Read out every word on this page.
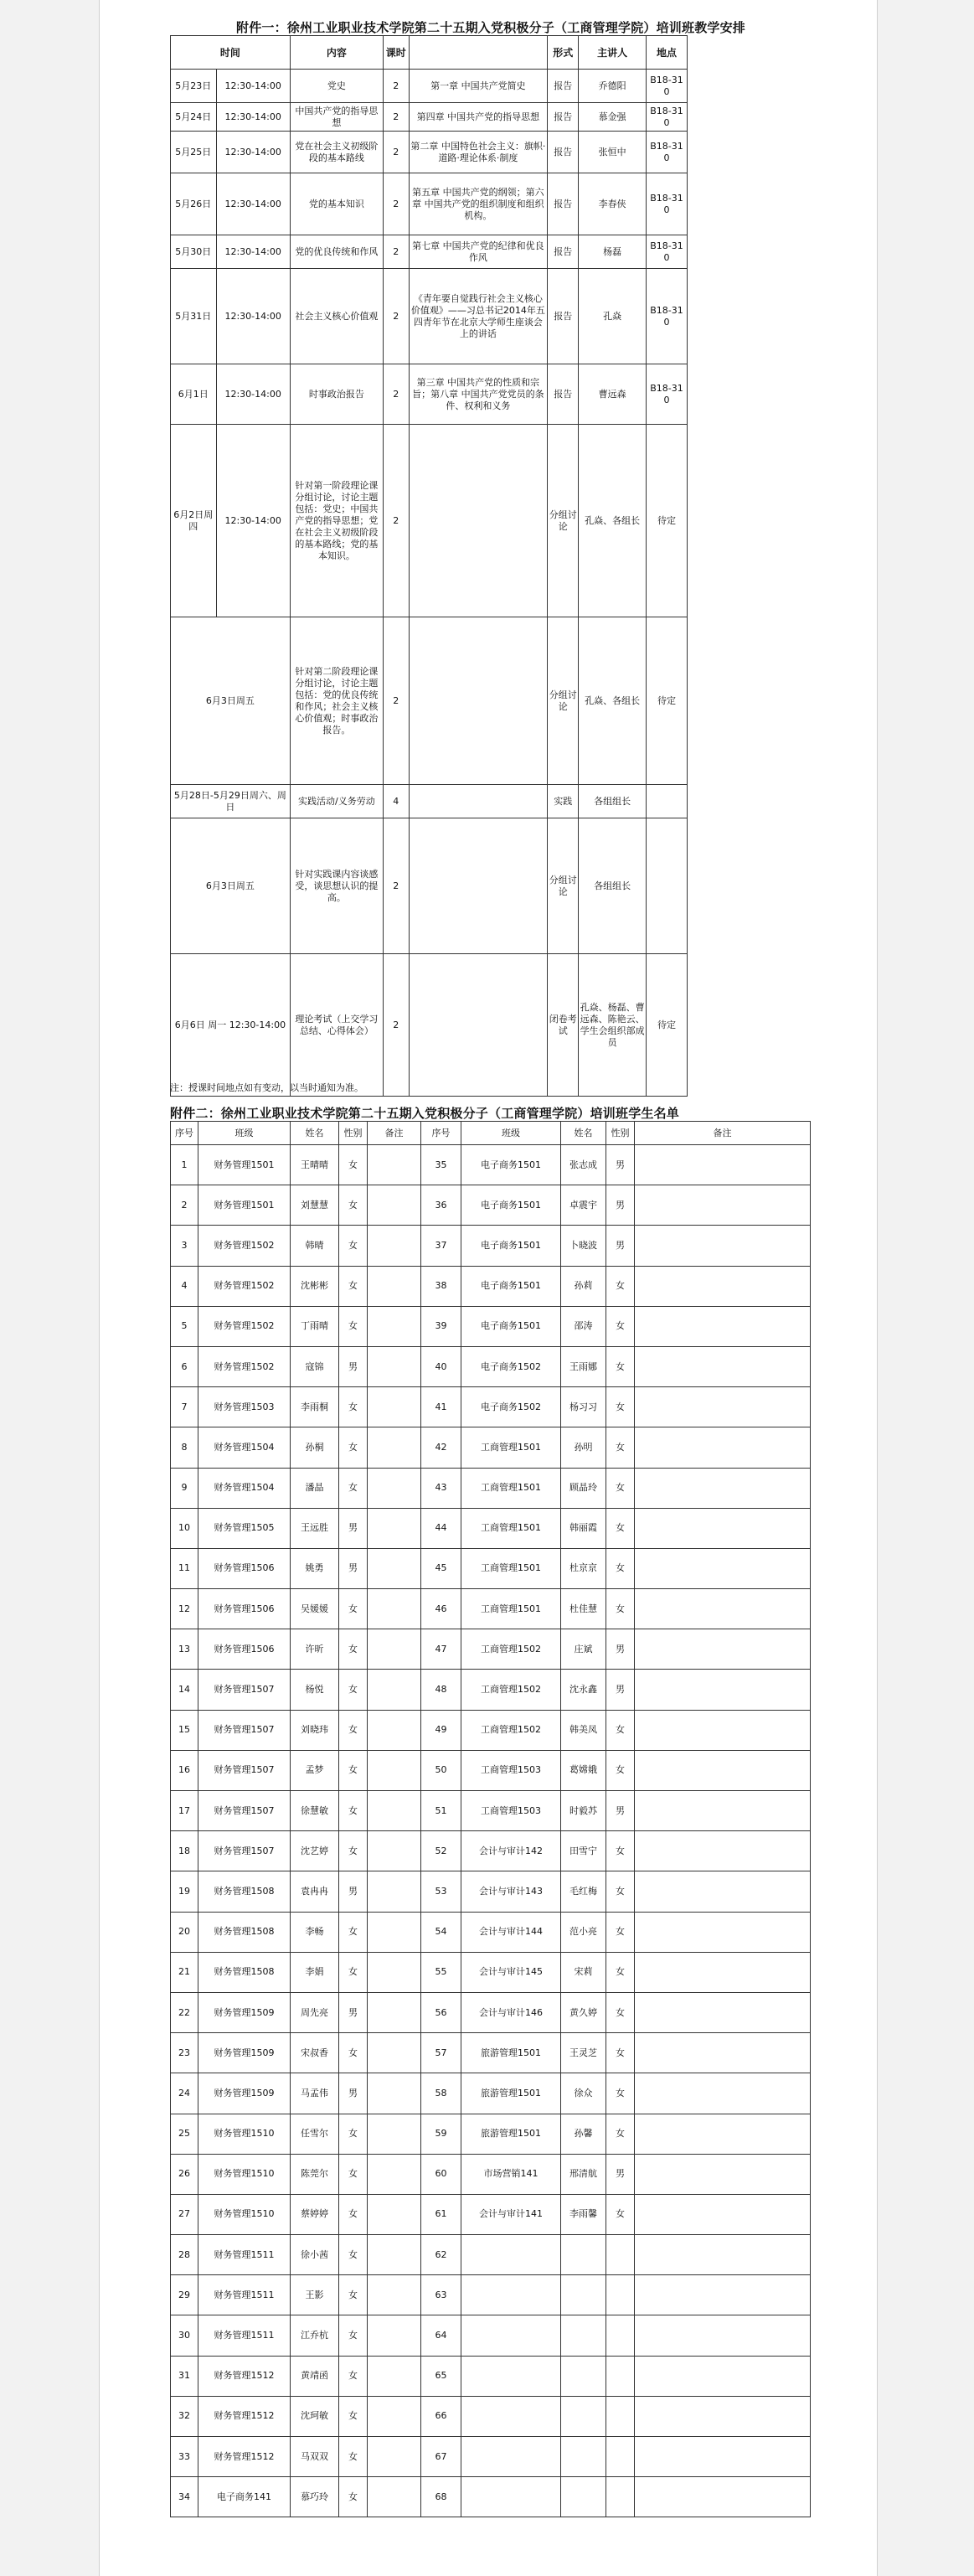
附件一：徐州工业职业技术学院第二十五期入党积极分子（工商管理学院）培训班教学安排
时间		内容	课时		形式	主讲人	地点
5月23日	12:30-14:00	党史	2	第一章 中国共产党简史	报告	乔德阳	B18-310
5月24日	12:30-14:00	中国共产党的指导思想	2	第四章 中国共产党的指导思想	报告	慕金强	B18-310
5月25日	12:30-14:00	党在社会主义初级阶段的基本路线	2	第二章 中国特色社会主义：旗帜·道路·理论体系·制度	报告	张恒中	B18-310
5月26日	12:30-14:00	党的基本知识	2	第五章 中国共产党的纲领；第六章 中国共产党的组织制度和组织机构。	报告	李春侠	B18-310
5月30日	12:30-14:00	党的优良传统和作风	2	第七章 中国共产党的纪律和优良作风	报告	杨磊	B18-310
5月31日	12:30-14:00	社会主义核心价值观	2	《青年要自觉践行社会主义核心价值观》——习总书记2014年五四青年节在北京大学师生座谈会上的讲话	报告	孔焱	B18-310
6月1日	12:30-14:00	时事政治报告	2	第三章 中国共产党的性质和宗旨；第八章 中国共产党党员的条件、权利和义务	报告	曹远森	B18-310
6月2日周四	12:30-14:00	针对第一阶段理论课分组讨论，讨论主题包括：党史；中国共产党的指导思想；党在社会主义初级阶段的基本路线；党的基本知识。	2		分组讨论	孔焱、各组长	待定
6月3日周五		针对第二阶段理论课分组讨论，讨论主题包括：党的优良传统和作风；社会主义核心价值观；时事政治报告。	2		分组讨论	孔焱、各组长	待定
5月28日-5月29日周六、周日		实践活动/义务劳动	4		实践	各组组长	
6月3日周五		针对实践课内容谈感受，谈思想认识的提高。	2		分组讨论	各组组长	
6月6日 周一 12:30-14:00		理论考试（上交学习总结、心得体会）	2		闭卷考试	孔焱、杨磊、曹远森、陈艳云、学生会组织部成员	待定
注：授课时间地点如有变动，以当时通知为准。
附件二：徐州工业职业技术学院第二十五期入党积极分子（工商管理学院）培训班学生名单
序号	班级	姓名	性别	备注	序号	班级	姓名	性别	备注
1	财务管理1501	王晴晴	女		35	电子商务1501	张志成	男	
2	财务管理1501	刘慧慧	女		36	电子商务1501	卓震宇	男	
3	财务管理1502	韩晴	女		37	电子商务1501	卜晓波	男	
4	财务管理1502	沈彬彬	女		38	电子商务1501	孙莉	女	
5	财务管理1502	丁雨晴	女		39	电子商务1501	邵涛	女	
6	财务管理1502	寇锦	男		40	电子商务1502	王雨娜	女	
7	财务管理1503	李雨桐	女		41	电子商务1502	杨习习	女	
8	财务管理1504	孙桐	女		42	工商管理1501	孙明	女	
9	财务管理1504	潘晶	女		43	工商管理1501	顾晶玲	女	
10	财务管理1505	王远胜	男		44	工商管理1501	韩丽霞	女	
11	财务管理1506	姚勇	男		45	工商管理1501	杜京京	女	
12	财务管理1506	吴媛媛	女		46	工商管理1501	杜佳慧	女	
13	财务管理1506	许昕	女		47	工商管理1502	庄斌	男	
14	财务管理1507	杨悦	女		48	工商管理1502	沈永鑫	男	
15	财务管理1507	刘晓玮	女		49	工商管理1502	韩美凤	女	
16	财务管理1507	孟梦	女		50	工商管理1503	葛嫦娥	女	
17	财务管理1507	徐慧敏	女		51	工商管理1503	时毅苏	男	
18	财务管理1507	沈艺婷	女		52	会计与审计142	田雪宁	女	
19	财务管理1508	袁冉冉	男		53	会计与审计143	毛红梅	女	
20	财务管理1508	李畅	女		54	会计与审计144	范小亮	女	
21	财务管理1508	李娟	女		55	会计与审计145	宋莉	女	
22	财务管理1509	周先亮	男		56	会计与审计146	黄久婷	女	
23	财务管理1509	宋叔香	女		57	旅游管理1501	王灵芝	女	
24	财务管理1509	马孟伟	男		58	旅游管理1501	徐众	女	
25	财务管理1510	任雪尔	女		59	旅游管理1501	孙馨	女	
26	财务管理1510	陈莞尔	女		60	市场营销141	邢清航	男	
27	财务管理1510	蔡婷婷	女		61	会计与审计141	李雨馨	女	
28	财务管理1511	徐小茜	女		62				
29	财务管理1511	王影	女		63				
30	财务管理1511	江乔杭	女		64				
31	财务管理1512	黄靖函	女		65				
32	财务管理1512	沈珂敏	女		66				
33	财务管理1512	马双双	女		67				
34	电子商务141	慕巧玲	女		68				
